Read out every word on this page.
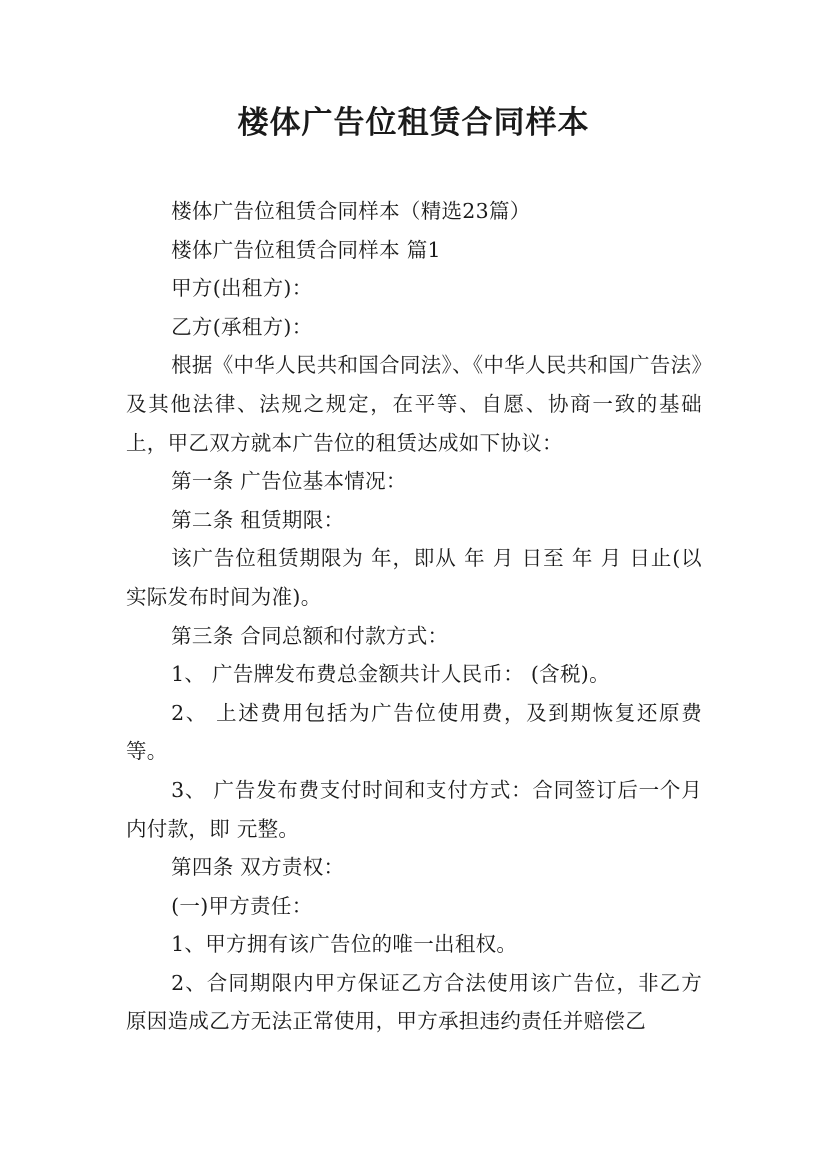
楼体广告位租赁合同样本

楼体广告位租赁合同样本（精选23篇）

楼体广告位租赁合同样本 篇1

甲方(出租方)：

乙方(承租方)：

根据《中华人民共和国合同法》、《中华人民共和国广告法》及其他法律、法规之规定，在平等、自愿、协商一致的基础上，甲乙双方就本广告位的租赁达成如下协议：

第一条 广告位基本情况：

第二条 租赁期限：

该广告位租赁期限为 年，即从 年 月 日至 年 月 日止(以实际发布时间为准)。

第三条 合同总额和付款方式：

1、 广告牌发布费总金额共计人民币： (含税)。

2、 上述费用包括为广告位使用费，及到期恢复还原费等。

3、 广告发布费支付时间和支付方式：合同签订后一个月内付款，即 元整。

第四条 双方责权：

(一)甲方责任：

1、甲方拥有该广告位的唯一出租权。

2、合同期限内甲方保证乙方合法使用该广告位，非乙方原因造成乙方无法正常使用，甲方承担违约责任并赔偿乙
